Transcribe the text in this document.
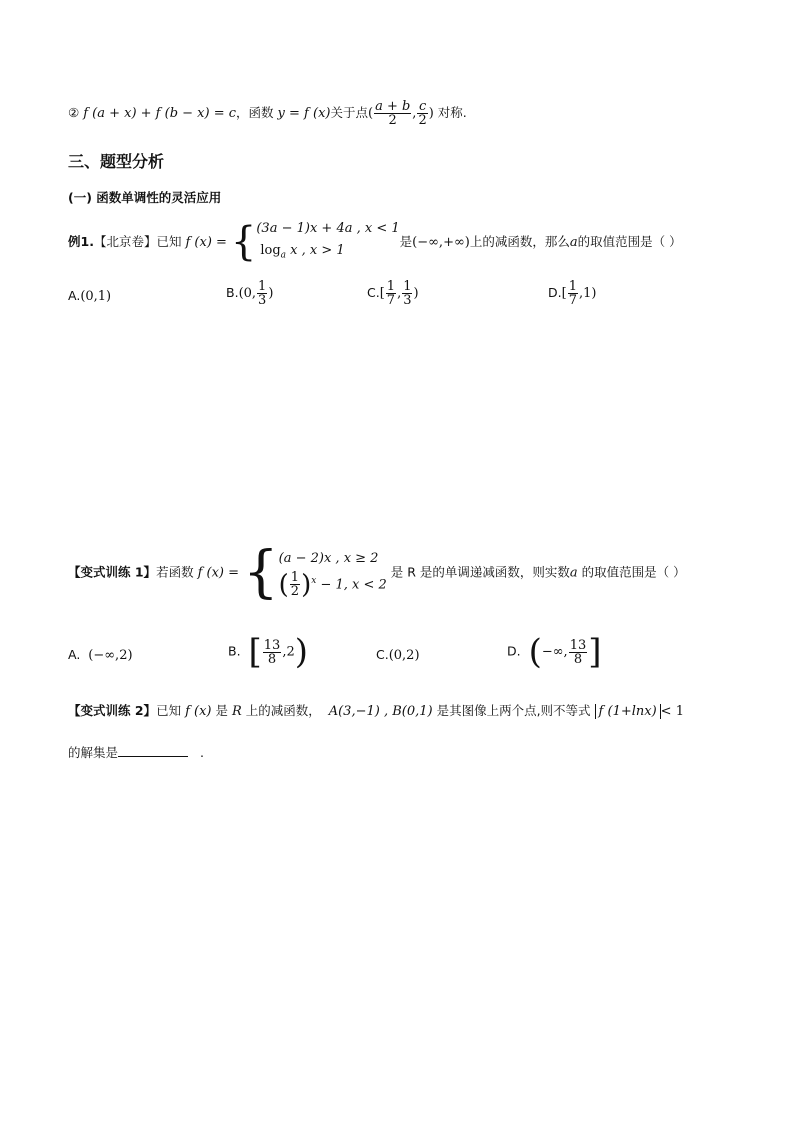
② f (a + x) + f (b − x) = c，函数 y = f (x)关于点( $\frac{a + b}{2}$ , $\frac{c}{2}$ ) 对称.
三、题型分析
(一) 函数单调性的灵活应用
例1.【北京卷】已知 f (x) = { (3a − 1)x + 4a , x < 1
$\log_a x$ , x > 1
是(−∞,+∞)上的减函数，那么a的取值范围是（ ）
A.(0,1)	B.(0, $\frac{1}{3}$ )	$C.[ \frac{1}{7}$ , $\frac{1}{3}$ )	$D.[ \frac{1}{7} ,1)$
【变式训练 1】若函数 f (x) = { (a − 2)x , x ≥ 2
( $\frac{1}{2} )^x - 1$, x < 2
是 R 是的单调递减函数，则实数a 的取值范围是（ ）
A. (−∞,2)	B. [ $\frac{13}{8} ,2$)	C.(0,2)	D. (−∞, $\frac{13}{8}$ ]
【变式训练 2】已知 f (x) 是 R 上的减函数， A(3,−1) , B(0,1) 是其图像上两个点,则不等式 f (1+lnx) < 1
的解集是	.
